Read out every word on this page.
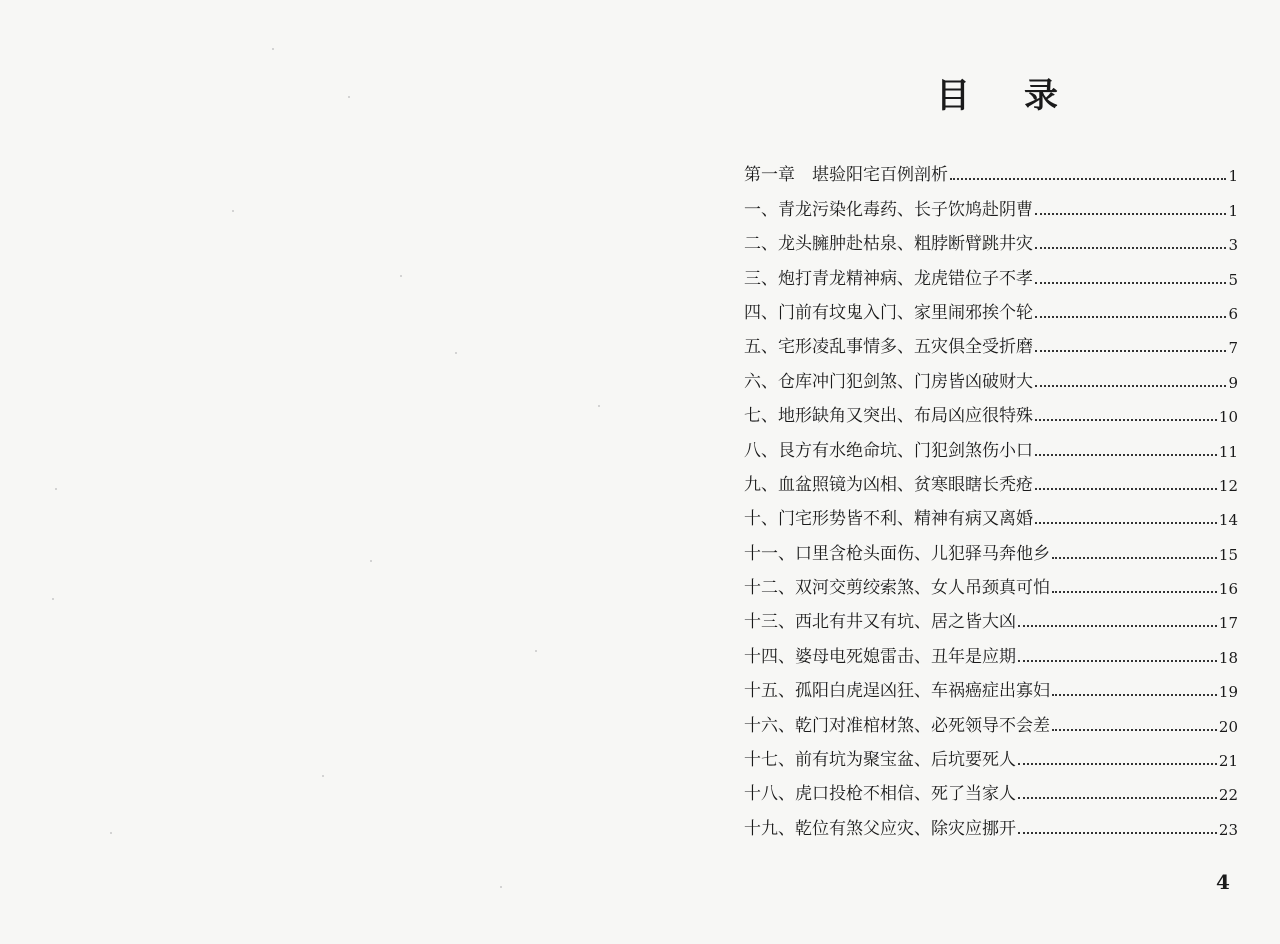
目 录
第一章　堪验阳宅百例剖析	1
一、青龙污染化毒药、长子饮鸠赴阴曹	1
二、龙头臃肿赴枯泉、粗脖断臂跳井灾	3
三、炮打青龙精神病、龙虎错位子不孝	5
四、门前有坟鬼入门、家里闹邪挨个轮	6
五、宅形凌乱事情多、五灾俱全受折磨	7
六、仓库冲门犯剑煞、门房皆凶破财大	9
七、地形缺角又突出、布局凶应很特殊	10
八、艮方有水绝命坑、门犯剑煞伤小口	11
九、血盆照镜为凶相、贫寒眼瞎长秃疮	12
十、门宅形势皆不利、精神有病又离婚	14
十一、口里含枪头面伤、儿犯驿马奔他乡	15
十二、双河交剪绞索煞、女人吊颈真可怕	16
十三、西北有井又有坑、居之皆大凶	17
十四、婆母电死媳雷击、丑年是应期	18
十五、孤阳白虎逞凶狂、车祸癌症出寡妇	19
十六、乾门对准棺材煞、必死领导不会差	20
十七、前有坑为聚宝盆、后坑要死人	21
十八、虎口投枪不相信、死了当家人	22
十九、乾位有煞父应灾、除灾应挪开	23
4
